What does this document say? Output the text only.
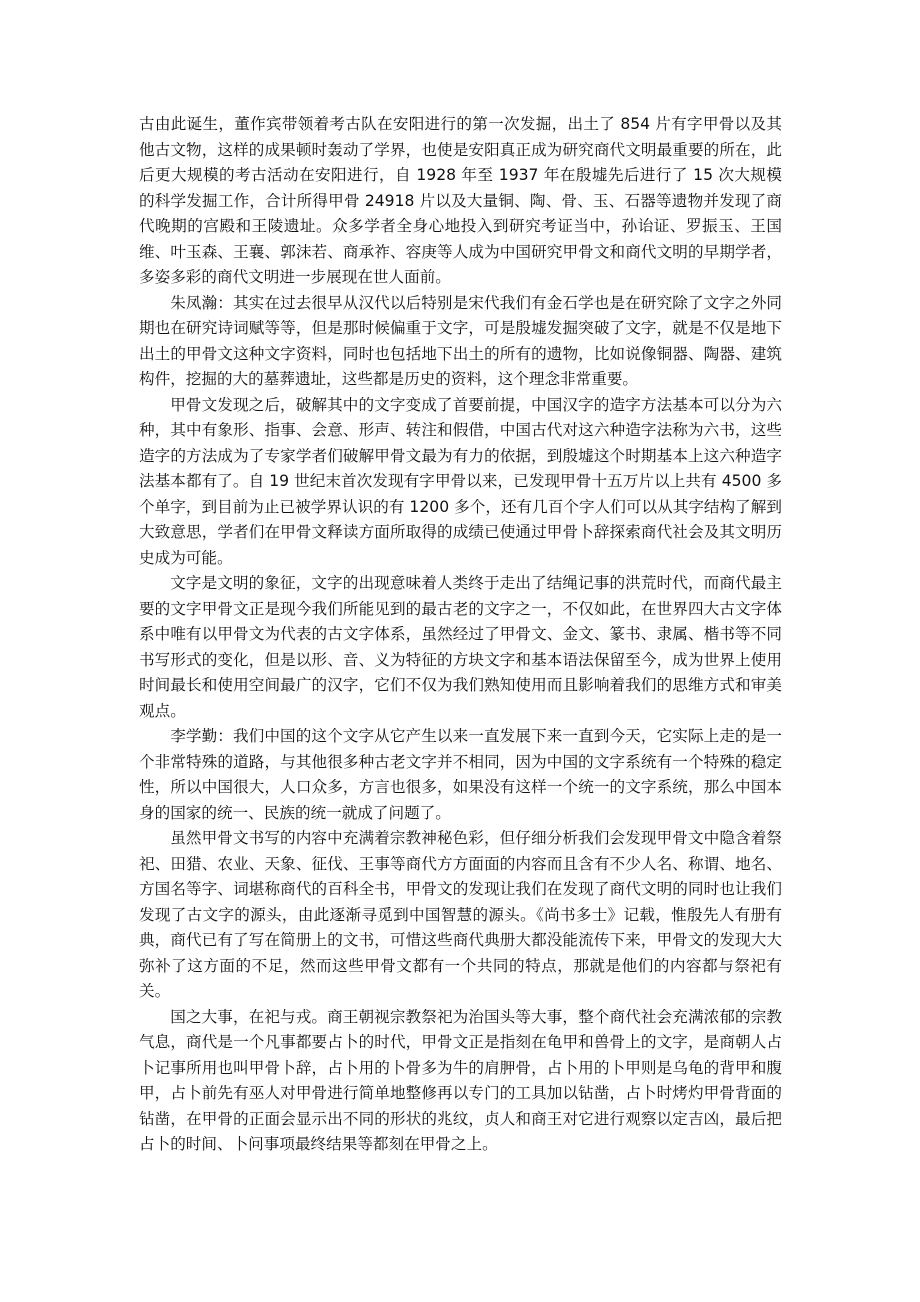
古由此诞生，董作宾带领着考古队在安阳进行的第一次发掘，出土了 854 片有字甲骨以及其他古文物，这样的成果顿时轰动了学界，也使是安阳真正成为研究商代文明最重要的所在，此后更大规模的考古活动在安阳进行，自 1928 年至 1937 年在殷墟先后进行了 15 次大规模的科学发掘工作，合计所得甲骨 24918 片以及大量铜、陶、骨、玉、石器等遗物并发现了商代晚期的宫殿和王陵遗址。众多学者全身心地投入到研究考证当中，孙诒证、罗振玉、王国维、叶玉森、王襄、郭沫若、商承祚、容庚等人成为中国研究甲骨文和商代文明的早期学者，多姿多彩的商代文明进一步展现在世人面前。

朱凤瀚：其实在过去很早从汉代以后特别是宋代我们有金石学也是在研究除了文字之外同期也在研究诗词赋等等，但是那时候偏重于文字，可是殷墟发掘突破了文字，就是不仅是地下出土的甲骨文这种文字资料，同时也包括地下出土的所有的遗物，比如说像铜器、陶器、建筑构件，挖掘的大的墓葬遗址，这些都是历史的资料，这个理念非常重要。

甲骨文发现之后，破解其中的文字变成了首要前提，中国汉字的造字方法基本可以分为六种，其中有象形、指事、会意、形声、转注和假借，中国古代对这六种造字法称为六书，这些造字的方法成为了专家学者们破解甲骨文最为有力的依据，到殷墟这个时期基本上这六种造字法基本都有了。自 19 世纪末首次发现有字甲骨以来，已发现甲骨十五万片以上共有 4500 多个单字，到目前为止已被学界认识的有 1200 多个，还有几百个字人们可以从其字结构了解到大致意思，学者们在甲骨文释读方面所取得的成绩已使通过甲骨卜辞探索商代社会及其文明历史成为可能。

文字是文明的象征，文字的出现意味着人类终于走出了结绳记事的洪荒时代，而商代最主要的文字甲骨文正是现今我们所能见到的最古老的文字之一，不仅如此，在世界四大古文字体系中唯有以甲骨文为代表的古文字体系，虽然经过了甲骨文、金文、篆书、隶属、楷书等不同书写形式的变化，但是以形、音、义为特征的方块文字和基本语法保留至今，成为世界上使用时间最长和使用空间最广的汉字，它们不仅为我们熟知使用而且影响着我们的思维方式和审美观点。

李学勤：我们中国的这个文字从它产生以来一直发展下来一直到今天，它实际上走的是一个非常特殊的道路，与其他很多种古老文字并不相同，因为中国的文字系统有一个特殊的稳定性，所以中国很大，人口众多，方言也很多，如果没有这样一个统一的文字系统，那么中国本身的国家的统一、民族的统一就成了问题了。

虽然甲骨文书写的内容中充满着宗教神秘色彩，但仔细分析我们会发现甲骨文中隐含着祭祀、田猎、农业、天象、征伐、王事等商代方方面面的内容而且含有不少人名、称谓、地名、方国名等字、词堪称商代的百科全书，甲骨文的发现让我们在发现了商代文明的同时也让我们发现了古文字的源头，由此逐渐寻觅到中国智慧的源头。《尚书多士》记载，惟殷先人有册有典，商代已有了写在简册上的文书，可惜这些商代典册大都没能流传下来，甲骨文的发现大大弥补了这方面的不足，然而这些甲骨文都有一个共同的特点，那就是他们的内容都与祭祀有关。

国之大事，在祀与戎。商王朝视宗教祭祀为治国头等大事，整个商代社会充满浓郁的宗教气息，商代是一个凡事都要占卜的时代，甲骨文正是指刻在龟甲和兽骨上的文字，是商朝人占卜记事所用也叫甲骨卜辞，占卜用的卜骨多为牛的肩胛骨，占卜用的卜甲则是乌龟的背甲和腹甲，占卜前先有巫人对甲骨进行简单地整修再以专门的工具加以钻凿，占卜时烤灼甲骨背面的钻凿，在甲骨的正面会显示出不同的形状的兆纹，贞人和商王对它进行观察以定吉凶，最后把占卜的时间、卜问事项最终结果等都刻在甲骨之上。
